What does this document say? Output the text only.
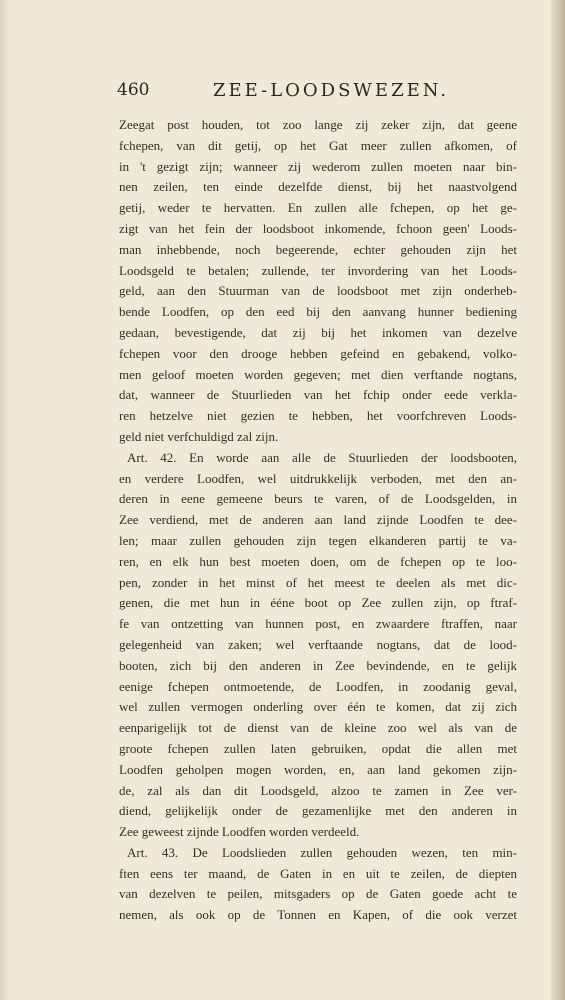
460	ZEE-LOODSWEZEN.
Zeegat post houden, tot zoo lange zij zeker zijn, dat geene
fchepen, van dit getij, op het Gat meer zullen afkomen, of
in 't gezigt zijn; wanneer zij wederom zullen moeten naar bin-
nen zeilen, ten einde dezelfde dienst, bij het naastvolgend
getij, weder te hervatten. En zullen alle fchepen, op het ge-
zigt van het fein der loodsboot inkomende, fchoon geen' Loods-
man inhebbende, noch begeerende, echter gehouden zijn het
Loodsgeld te betalen; zullende, ter invordering van het Loods-
geld, aan den Stuurman van de loodsboot met zijn onderheb-
bende Loodfen, op den eed bij den aanvang hunner bediening
gedaan, bevestigende, dat zij bij het inkomen van dezelve
fchepen voor den drooge hebben gefeind en gebakend, volko-
men geloof moeten worden gegeven; met dien verftande nogtans,
dat, wanneer de Stuurlieden van het fchip onder eede verkla-
ren hetzelve niet gezien te hebben, het voorfchreven Loods-
geld niet verfchuldigd zal zijn.
Art. 42. En worde aan alle de Stuurlieden der loodsbooten,
en verdere Loodfen, wel uitdrukkelijk verboden, met den an-
deren in eene gemeene beurs te varen, of de Loodsgelden, in
Zee verdiend, met de anderen aan land zijnde Loodfen te dee-
len; maar zullen gehouden zijn tegen elkanderen partij te va-
ren, en elk hun best moeten doen, om de fchepen op te loo-
pen, zonder in het minst of het meest te deelen als met dic-
genen, die met hun in ééne boot op Zee zullen zijn, op ftraf-
fe van ontzetting van hunnen post, en zwaardere ftraffen, naar
gelegenheid van zaken; wel verftaande nogtans, dat de lood-
booten, zich bij den anderen in Zee bevindende, en te gelijk
eenige fchepen ontmoetende, de Loodfen, in zoodanig geval,
wel zullen vermogen onderling over één te komen, dat zij zich
eenparigelijk tot de dienst van de kleine zoo wel als van de
groote fchepen zullen laten gebruiken, opdat die allen met
Loodfen geholpen mogen worden, en, aan land gekomen zijn-
de, zal als dan dit Loodsgeld, alzoo te zamen in Zee ver-
diend, gelijkelijk onder de gezamenlijke met den anderen in
Zee geweest zijnde Loodfen worden verdeeld.
Art. 43. De Loodslieden zullen gehouden wezen, ten min-
ften eens ter maand, de Gaten in en uit te zeilen, de diepten
van dezelven te peilen, mitsgaders op de Gaten goede acht te
nemen, als ook op de Tonnen en Kapen, of die ook verzet
